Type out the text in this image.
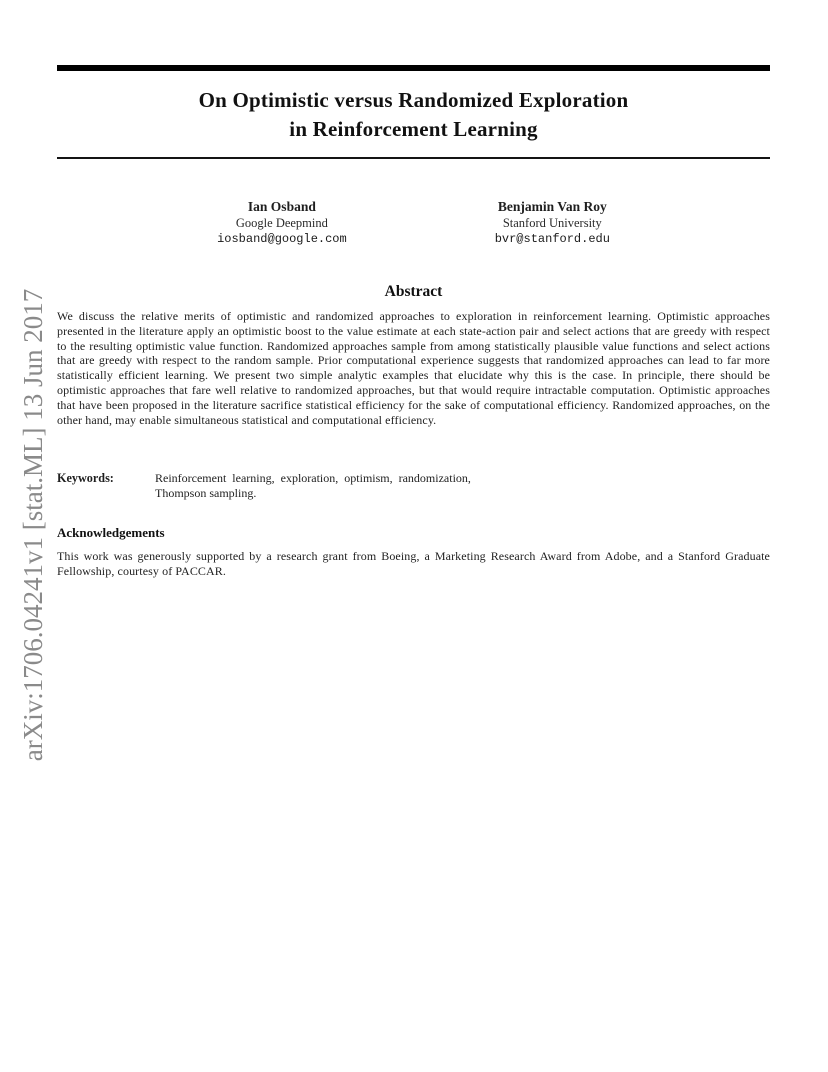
arXiv:1706.04241v1 [stat.ML] 13 Jun 2017
On Optimistic versus Randomized Exploration
in Reinforcement Learning
Ian Osband
Google Deepmind
iosband@google.com
Benjamin Van Roy
Stanford University
bvr@stanford.edu
Abstract
We discuss the relative merits of optimistic and randomized approaches to exploration in reinforcement learning. Optimistic approaches presented in the literature apply an optimistic boost to the value estimate at each state-action pair and select actions that are greedy with respect to the resulting optimistic value function. Randomized approaches sample from among statistically plausible value functions and select actions that are greedy with respect to the random sample. Prior computational experience suggests that randomized approaches can lead to far more statistically efficient learning. We present two simple analytic examples that elucidate why this is the case. In principle, there should be optimistic approaches that fare well relative to randomized approaches, but that would require intractable computation. Optimistic approaches that have been proposed in the literature sacrifice statistical efficiency for the sake of computational efficiency. Randomized approaches, on the other hand, may enable simultaneous statistical and computational efficiency.
Keywords:	Reinforcement learning, exploration, optimism, randomization,
Thompson sampling.
Acknowledgements
This work was generously supported by a research grant from Boeing, a Marketing Research Award from Adobe, and a Stanford Graduate Fellowship, courtesy of PACCAR.
